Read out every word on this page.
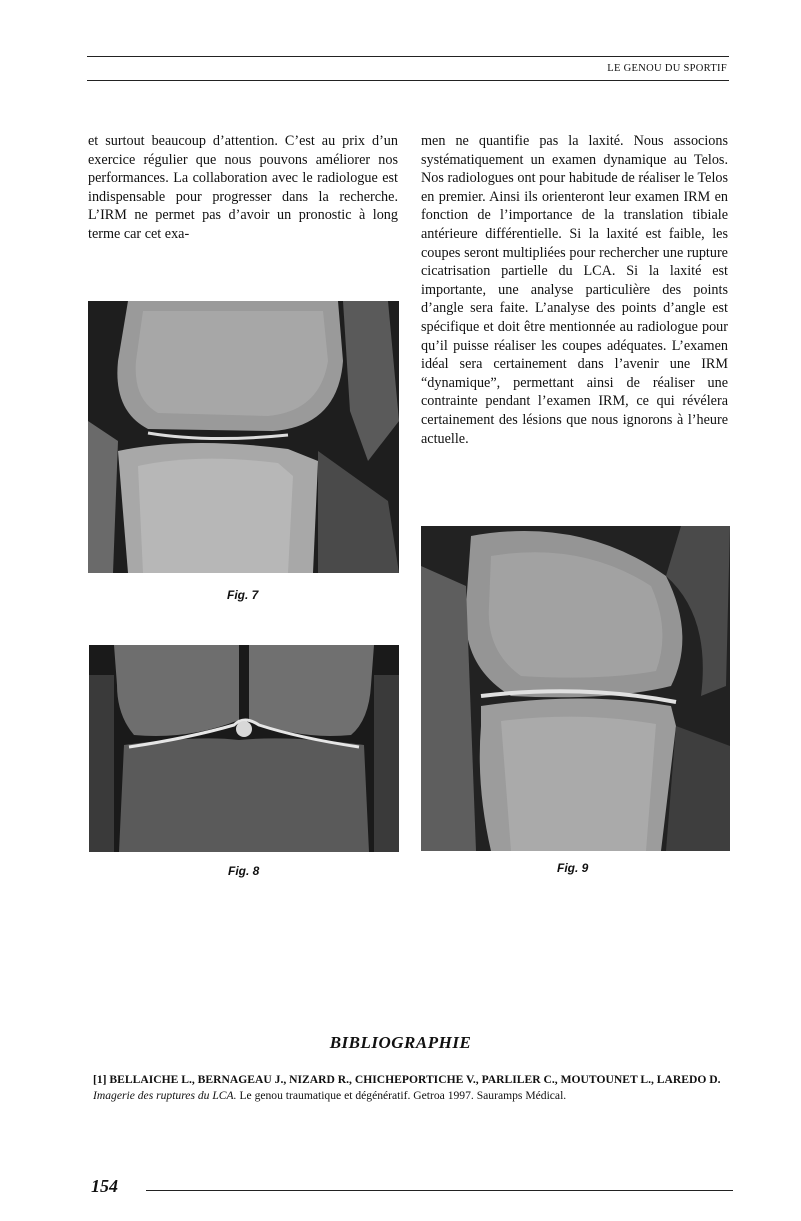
LE GENOU DU SPORTIF

et surtout beaucoup d’attention. C’est au prix d’un exercice régulier que nous pouvons améliorer nos performances. La collaboration avec le radiologue est indispensable pour progresser dans la recherche. L’IRM ne permet pas d’avoir un pronostic à long terme car cet exa-

men ne quantifie pas la laxité. Nous associons systématiquement un examen dynamique au Telos. Nos radiologues ont pour habitude de réaliser le Telos en premier. Ainsi ils orienteront leur examen IRM en fonction de l’importance de la translation tibiale antérieure différentielle. Si la laxité est faible, les coupes seront multipliées pour rechercher une rupture cicatrisation partielle du LCA. Si la laxité est importante, une analyse particulière des points d’angle sera faite. L’analyse des points d’angle est spécifique et doit être mentionnée au radiologue pour qu’il puisse réaliser les coupes adéquates. L’examen idéal sera certainement dans l’avenir une IRM “dynamique”, permettant ainsi de réaliser une contrainte pendant l’examen IRM, ce qui révélera certainement des lésions que nous ignorons à l’heure actuelle.

Fig. 7
Fig. 8	Fig. 9
BIBLIOGRAPHIE
[1] BELLAICHE L., BERNAGEAU J., NIZARD R., CHICHEPORTICHE V., PARLILER C., MOUTOUNET L., LAREDO D. Imagerie des ruptures du LCA. Le genou traumatique et dégénératif. Getroa 1997. Sauramps Médical.
154
